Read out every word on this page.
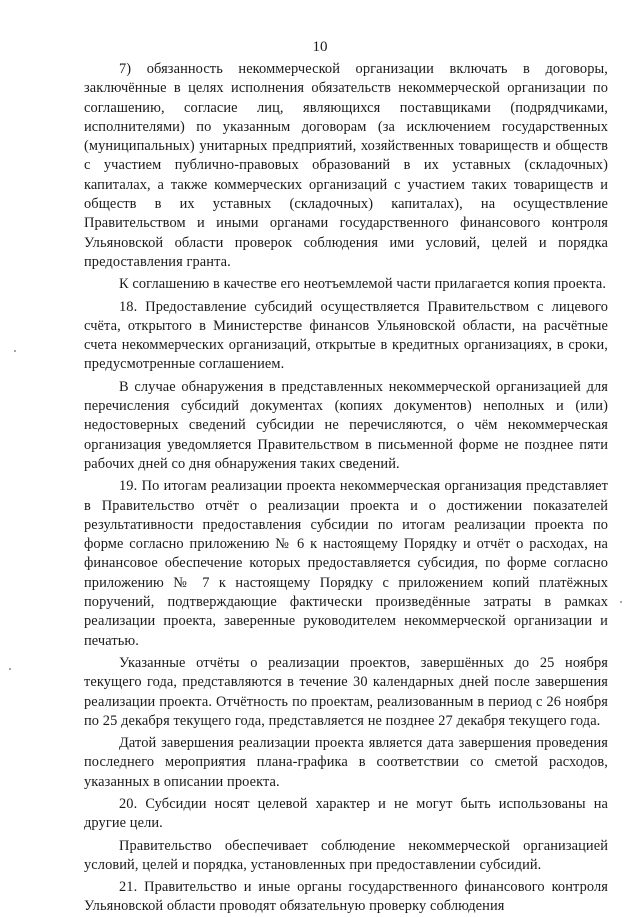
10

7) обязанность некоммерческой организации включать в договоры, заключённые в целях исполнения обязательств некоммерческой организации по соглашению, согласие лиц, являющихся поставщиками (подрядчиками, исполнителями) по указанным договорам (за исключением государственных (муниципальных) унитарных предприятий, хозяйственных товариществ и обществ с участием публично-правовых образований в их уставных (складочных) капиталах, а также коммерческих организаций с участием таких товариществ и обществ в их уставных (складочных) капиталах), на осуществление Правительством и иными органами государственного финансового контроля Ульяновской области проверок соблюдения ими условий, целей и порядка предоставления гранта.

К соглашению в качестве его неотъемлемой части прилагается копия проекта.

18. Предоставление субсидий осуществляется Правительством с лицевого счёта, открытого в Министерстве финансов Ульяновской области, на расчётные счета некоммерческих организаций, открытые в кредитных организациях, в сроки, предусмотренные соглашением.

В случае обнаружения в представленных некоммерческой организацией для перечисления субсидий документах (копиях документов) неполных и (или) недостоверных сведений субсидии не перечисляются, о чём некоммерческая организация уведомляется Правительством в письменной форме не позднее пяти рабочих дней со дня обнаружения таких сведений.

19. По итогам реализации проекта некоммерческая организация представляет в Правительство отчёт о реализации проекта и о достижении показателей результативности предоставления субсидии по итогам реализации проекта по форме согласно приложению № 6 к настоящему Порядку и отчёт о расходах, на финансовое обеспечение которых предоставляется субсидия, по форме согласно приложению № 7 к настоящему Порядку с приложением копий платёжных поручений, подтверждающие фактически произведённые затраты в рамках реализации проекта, заверенные руководителем некоммерческой организации и печатью.

Указанные отчёты о реализации проектов, завершённых до 25 ноября текущего года, представляются в течение 30 календарных дней после завершения реализации проекта. Отчётность по проектам, реализованным в период с 26 ноября по 25 декабря текущего года, представляется не позднее 27 декабря текущего года.

Датой завершения реализации проекта является дата завершения проведения последнего мероприятия плана-графика в соответствии со сметой расходов, указанных в описании проекта.

20. Субсидии носят целевой характер и не могут быть использованы на другие цели.

Правительство обеспечивает соблюдение некоммерческой организацией условий, целей и порядка, установленных при предоставлении субсидий.

21. Правительство и иные органы государственного финансового контроля Ульяновской области проводят обязательную проверку соблюдения
